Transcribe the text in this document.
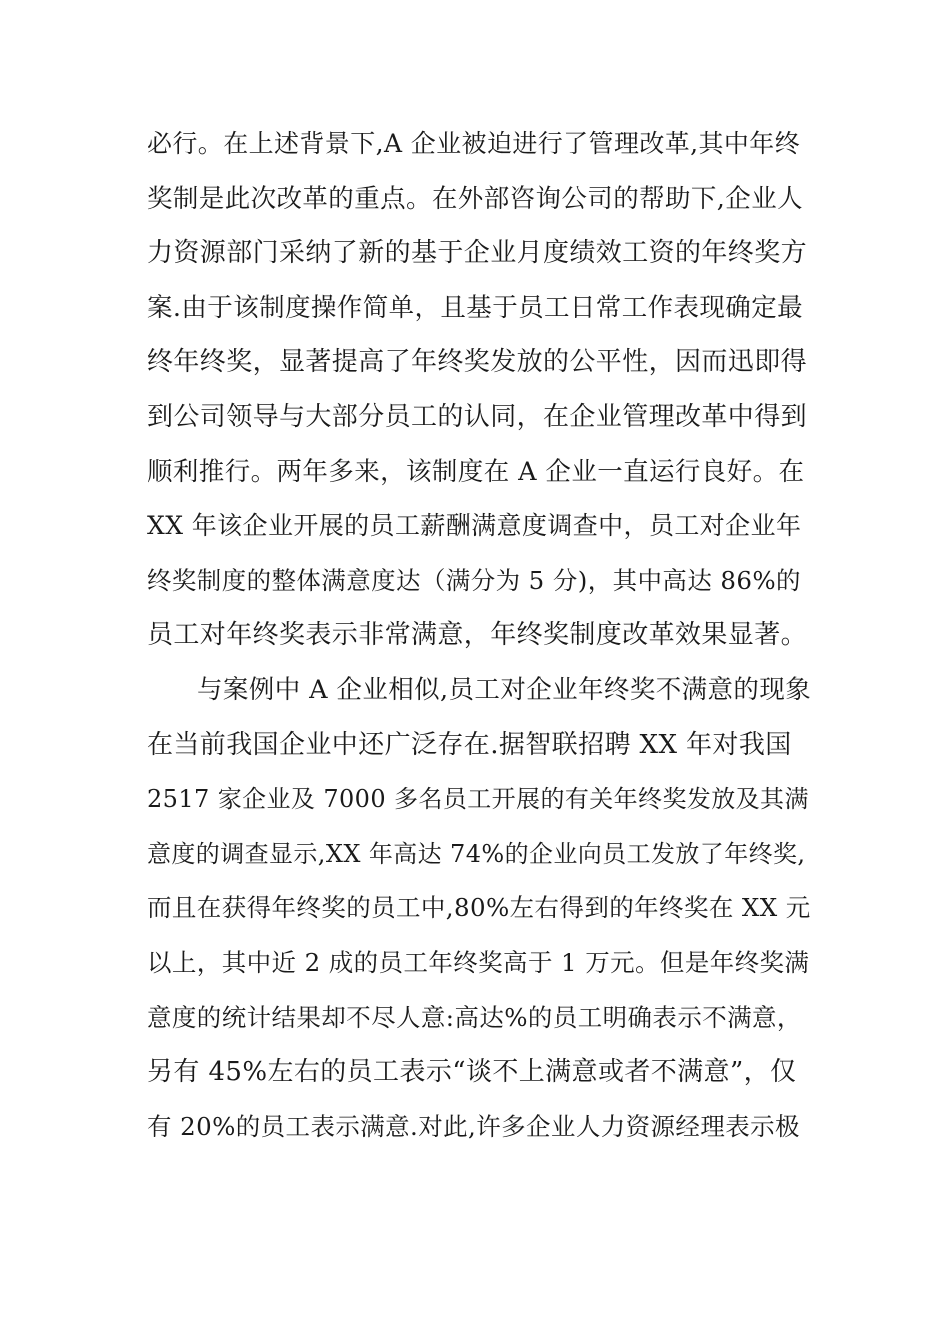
必行。在上述背景下,A 企业被迫进行了管理改革,其中年终
奖制是此次改革的重点。在外部咨询公司的帮助下,企业人
力资源部门采纳了新的基于企业月度绩效工资的年终奖方
案.由于该制度操作简单，且基于员工日常工作表现确定最
终年终奖，显著提高了年终奖发放的公平性，因而迅即得
到公司领导与大部分员工的认同，在企业管理改革中得到
顺利推行。两年多来，该制度在 A 企业一直运行良好。在
XX 年该企业开展的员工薪酬满意度调查中，员工对企业年
终奖制度的整体满意度达（满分为 5 分)，其中高达 86%的
员工对年终奖表示非常满意，年终奖制度改革效果显著。
与案例中 A 企业相似,员工对企业年终奖不满意的现象
在当前我国企业中还广泛存在.据智联招聘 XX 年对我国
2517 家企业及 7000 多名员工开展的有关年终奖发放及其满
意度的调查显示,XX 年高达 74%的企业向员工发放了年终奖,
而且在获得年终奖的员工中,80%左右得到的年终奖在 XX 元
以上，其中近 2 成的员工年终奖高于 1 万元。但是年终奖满
意度的统计结果却不尽人意:高达%的员工明确表示不满意，
另有 45%左右的员工表示“谈不上满意或者不满意”，仅
有 20%的员工表示满意.对此,许多企业人力资源经理表示极
